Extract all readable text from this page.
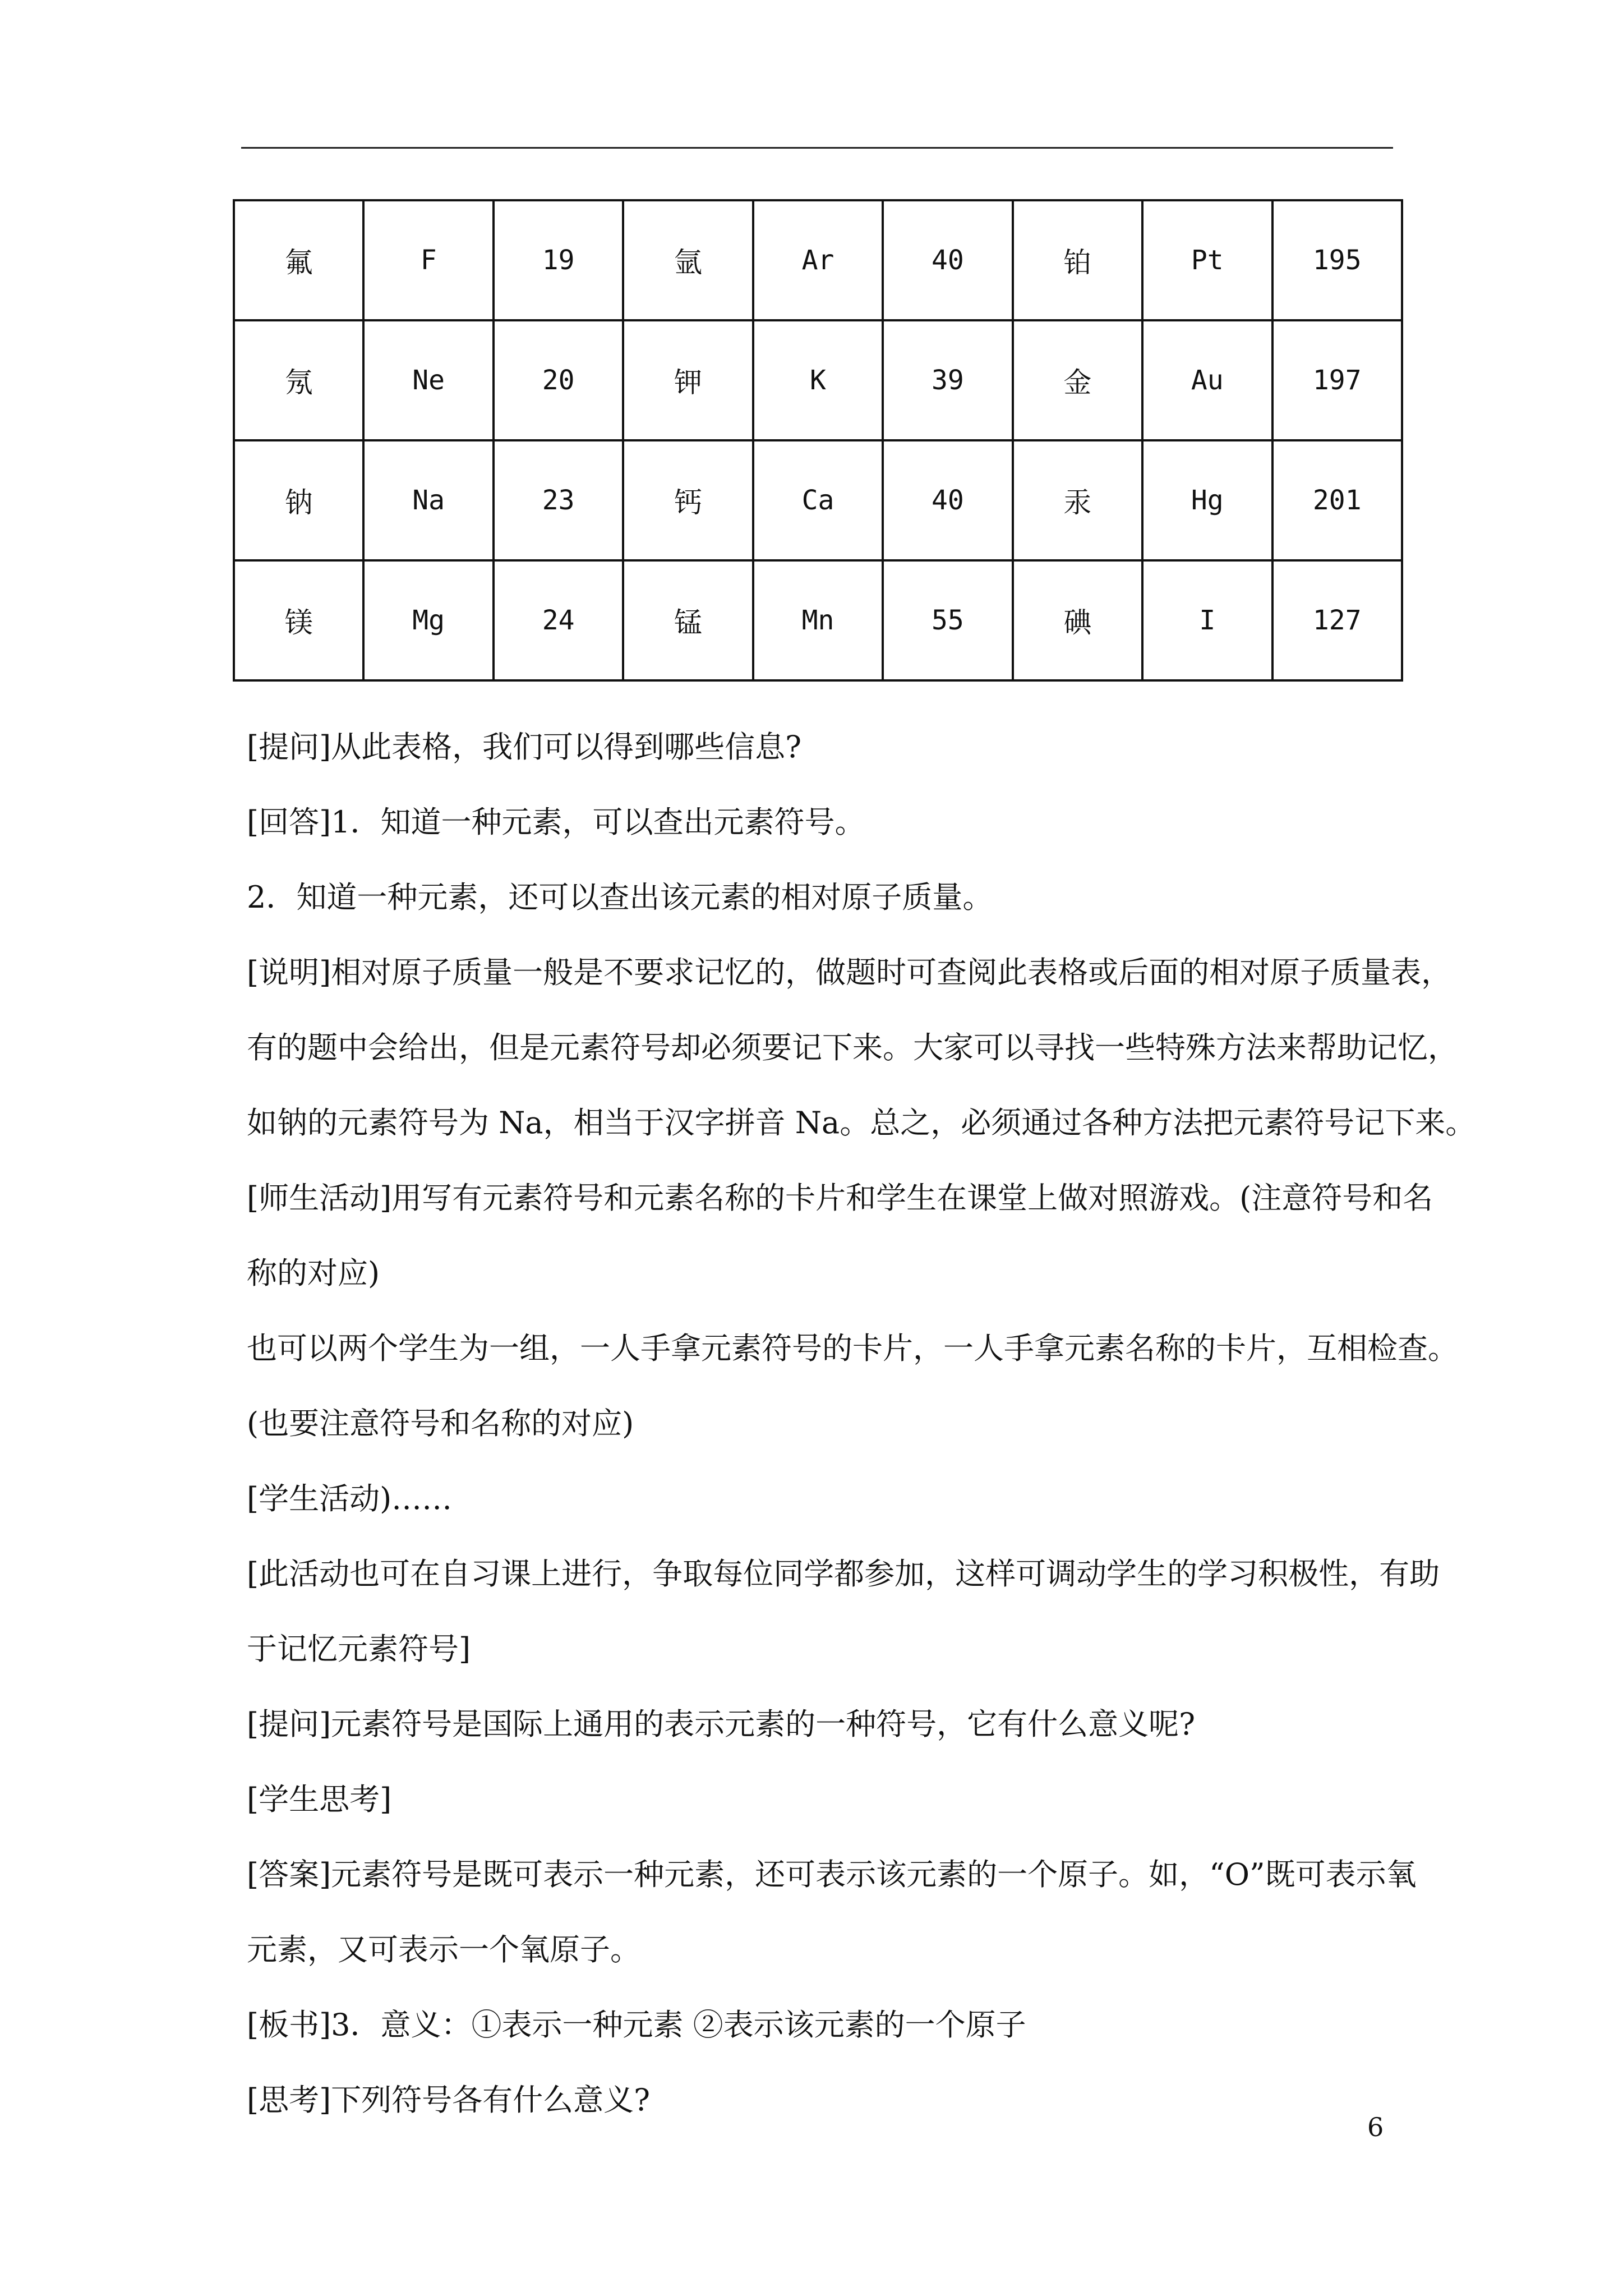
氟	F	19	氩	Ar	40	铂	Pt	195
氖	Ne	20	钾	K	39	金	Au	197
钠	Na	23	钙	Ca	40	汞	Hg	201
镁	Mg	24	锰	Mn	55	碘	I	127

[提问]从此表格，我们可以得到哪些信息?

[回答]1．知道一种元素，可以查出元素符号。

2．知道一种元素，还可以查出该元素的相对原子质量。

[说明]相对原子质量一般是不要求记忆的，做题时可查阅此表格或后面的相对原子质量表，

有的题中会给出，但是元素符号却必须要记下来。大家可以寻找一些特殊方法来帮助记忆，

如钠的元素符号为 Na，相当于汉字拼音 Na。总之，必须通过各种方法把元素符号记下来。

[师生活动]用写有元素符号和元素名称的卡片和学生在课堂上做对照游戏。(注意符号和名

称的对应)

也可以两个学生为一组，一人手拿元素符号的卡片，一人手拿元素名称的卡片，互相检查。

(也要注意符号和名称的对应)

[学生活动)……

[此活动也可在自习课上进行，争取每位同学都参加，这样可调动学生的学习积极性，有助

于记忆元素符号]

[提问]元素符号是国际上通用的表示元素的一种符号，它有什么意义呢?

[学生思考]

[答案]元素符号是既可表示一种元素，还可表示该元素的一个原子。如，“O”既可表示氧

元素，又可表示一个氧原子。

[板书]3．意义：①表示一种元素 ②表示该元素的一个原子

[思考]下列符号各有什么意义?

6
